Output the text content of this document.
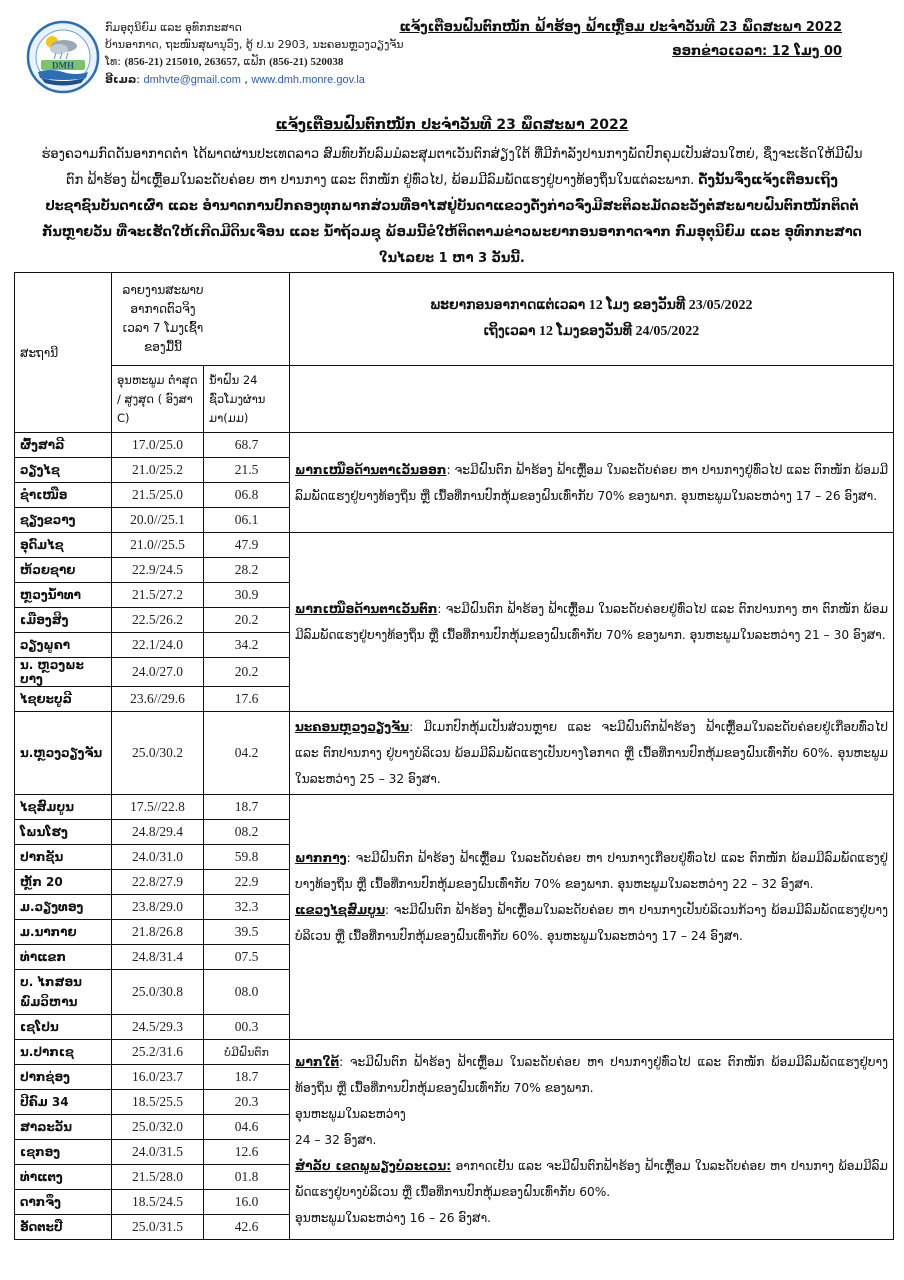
DMH
ກົມອຸຕຸນິຍົມ ແລະ ອຸທົກກະສາດ
ບ້ານອາກາດ, ຖະໜົນສຸພານຸວົງ, ຕູ້ ປ.ນ 2903, ນະຄອນຫຼວງວຽງຈັນ
ໂທ: (856-21) 215010, 263657, ແຟັກ (856-21) 520038
ອີເມລ: dmhvte@gmail.com , www.dmh.monre.gov.la
ແຈ້ງເຕືອນຝົນຕົກໜັກ ຟ້າຮ້ອງ ຟ້າເຫຼື້ອມ ປະຈຳວັນທີ 23 ພຶດສະພາ 2022
ອອກຂ່າວເວລາ: 12 ໂມງ 00
ແຈ້ງເຕືອນຝົນຕົກໜັກ ປະຈຳວັນທີ 23 ພຶດສະພາ 2022
ຮ່ອງຄວາມກົດດັນອາກາດຕໍ່າ ໄດ້ພາດຜ່ານປະເທດລາວ ສົມທົບກັບລົມມໍລະສຸມຕາເວັນຕົກສ່ຽງໃຕ້ ທີ່ມີກຳລັງປານກາງພັດປົກຄຸມເປັນສ່ວນໃຫຍ່, ຊຶ່ງຈະເຮັດໃຫ້ມີຝົນຕົກ ຟ້າຮ້ອງ ຟ້າເຫຼື້ອມໃນລະດັບຄ່ອຍ ຫາ ປານກາງ ແລະ ຕົກໜັກ ຢູ່ທົ່ວໄປ, ພ້ອມມີລົມພັດແຮງຢູ່ບາງທ້ອງຖິ່ນໃນແຕ່ລະພາກ. ດັ່ງນັ້ນຈຶ່ງແຈ້ງເຕືອນເຖິງປະຊາຊົນບັນດາເຜົ່າ ແລະ ອຳນາດການປົກຄອງທຸກພາກສ່ວນທີ່ອາໄສຢູ່ບັນດາແຂວງດັ່ງກ່າວຈົ່ງມີສະຕິລະມັດລະວັງຕໍ່ສະພາບຝົນຕົກໜັກຕິດຕໍ່ກັນຫຼາຍວັນ ທີ່ຈະເຮັດໃຫ້ເກີດມີດິນເຈື່ອນ ແລະ ນ້ຳຖ້ວມຊຸ ພ້ອມນີ້ຂໍໃຫ້ຕິດຕາມຂ່າວພະຍາກອນອາກາດຈາກ ກົມອຸຕຸນິຍົມ ແລະ ອຸທົກກະສາດໃນໄລຍະ 1 ຫາ 3 ວັນນີ້.
ສະຖານີ	ລາຍງານສະພາບອາກາດຕົວຈິງ ເວລາ 7 ໂມງເຊົ້າ ຂອງມື້ນີ້		ພະຍາກອນອາກາດແຕ່ເວລາ 12 ໂມງ ຂອງວັນທີ 23/05/2022
ເຖິງເວລາ 12 ໂມງຂອງວັນທີ 24/05/2022

	ອຸນຫະພູມ ຕໍ່າສຸດ / ສູງສຸດ ( ອົງສາ C)	ນ້ຳຝົນ 24 ຊົ່ວໂມງຜ່ານ ມາ(ມມ)	
ຜົ້ງສາລີ	17.0/25.0	68.7	ພາກເໜືອດ້ານຕາເວັນອອກ: ຈະມີຝົນຕົກ ຟ້າຮ້ອງ ຟ້າເຫຼື້ອມ ໃນລະດັບຄ່ອຍ ຫາ ປານກາງຢູ່ທົ່ວໄປ ແລະ ຕົກໜັກ ພ້ອມມີລົມພັດແຮງຢູ່ບາງທ້ອງຖິ່ນ ຫຼື ເນື້ອທີ່ການປົກຫຸ້ມຂອງຝົນເທົ່າກັບ 70% ຂອງພາກ. ອຸນຫະພູມໃນລະຫວ່າງ 17 – 26 ອົງສາ.

ວຽງໄຊ	21.0/25.2	21.5	
ຊຳເໜືອ	21.5/25.0	06.8	
ຊຽງຂວາງ	20.0//25.1	06.1	
ອຸດົມໄຊ	21.0//25.5	47.9	ພາກເໜືອດ້ານຕາເວັນຕົກ: ຈະມີຝົນຕົກ ຟ້າຮ້ອງ ຟ້າເຫຼື້ອມ ໃນລະດັບຄ່ອຍຢູ່ທົ່ວໄປ ແລະ ຕົກປານກາງ ຫາ ຕົກໜັກ ພ້ອມມີລົມພັດແຮງຢູ່ບາງທ້ອງຖິ່ນ ຫຼື ເນື້ອທີ່ການປົກຫຸ້ມຂອງຝົນເທົ່າກັບ 70% ຂອງພາກ. ອຸນຫະພູມໃນລະຫວ່າງ 21 – 30 ອົງສາ.

ຫ້ວຍຊາຍ	22.9/24.5	28.2	
ຫຼວງນ້ຳທາ	21.5/27.2	30.9	
ເມືອງສິງ	22.5/26.2	20.2	
ວຽງພູຄາ	22.1/24.0	34.2	
ນ. ຫຼວງພະບາງ	24.0/27.0	20.2	
ໄຊຍະບູລີ	23.6//29.6	17.6	
ນ.ຫຼວງວຽງຈັນ	25.0/30.2	04.2	ນະຄອນຫຼວງວຽງຈັນ: ມີເມກປົກຫຸ້ມເປັນສ່ວນຫຼາຍ ແລະ ຈະມີຝົນຕົກຟ້າຮ້ອງ ຟ້າເຫຼື້ອມໃນລະດັບຄ່ອຍຢູ່ເກືອບທົ່ວໄປ ແລະ ຕົກປານກາງ ຢູ່ບາງບໍລິເວນ ພ້ອມມີລົມພັດແຮງເປັນບາງໂອກາດ ຫຼື ເນື້ອທີ່ການປົກຫຸ້ມຂອງຝົນເທົ່າກັບ 60%. ອຸນຫະພູມໃນລະຫວ່າງ 25 – 32 ອົງສາ.

ໄຊສົມບູນ	17.5//22.8	18.7	ພາກກາງ: ຈະມີຝົນຕົກ ຟ້າຮ້ອງ ຟ້າເຫຼື້ອມ ໃນລະດັບຄ່ອຍ ຫາ ປານກາງເກືອບຢູ່ທົ່ວໄປ ແລະ ຕົກໜັກ ພ້ອມມີລົມພັດແຮງຢູ່ບາງທ້ອງຖິ່ນ ຫຼື ເນື້ອທີ່ການປົກຫຸ້ມຂອງຝົນເທົ່າກັບ 70% ຂອງພາກ. ອຸນຫະພູມໃນລະຫວ່າງ 22 – 32 ອົງສາ.
ແຂວງໄຊສົມບູນ: ຈະມີຝົນຕົກ ຟ້າຮ້ອງ ຟ້າເຫຼື້ອມໃນລະດັບຄ່ອຍ ຫາ ປານກາງເປັນບໍລິເວນກ້ວາງ ພ້ອມມີລົມພັດແຮງຢູ່ບາງບໍລິເວນ ຫຼື ເນື້ອທີ່ການປົກຫຸ້ມຂອງຝົນເທົ່າກັບ 60%. ອຸນຫະພູມໃນລະຫວ່າງ 17 – 24 ອົງສາ.

ໂພນໂຮງ	24.8/29.4	08.2	
ປາກຊັນ	24.0/31.0	59.8	
ຫຼັກ 20	22.8/27.9	22.9	
ມ.ວຽງທອງ	23.8/29.0	32.3	
ມ.ນາກາຍ	21.8/26.8	39.5	
ທ່າແຂກ	24.8/31.4	07.5	
ບ. ໄກສອນ ພົມວິຫານ	25.0/30.8	08.0	
ເຊໂປນ	24.5/29.3	00.3	
ນ.ປາກເຊ	25.2/31.6	ບໍ່ມີຝົນຕົກ	ພາກໃຕ້: ຈະມີຝົນຕົກ ຟ້າຮ້ອງ ຟ້າເຫຼື້ອມ ໃນລະດັບຄ່ອຍ ຫາ ປານກາງຢູ່ທົ່ວໄປ ແລະ ຕົກໜັກ ພ້ອມມີລົມພັດແຮງຢູ່ບາງທ້ອງຖິ່ນ ຫຼື ເນື້ອທີ່ການປົກຫຸ້ມຂອງຝົນເທົ່າກັບ 70% ຂອງພາກ.
ອຸນຫະພູມໃນລະຫວ່າງ
24 – 32 ອົງສາ.
ສຳລັບ ເຂດພູພຽງບໍລະເວນ: ອາກາດເຢັນ ແລະ ຈະມີຝົນຕົກຟ້າຮ້ອງ ຟ້າເຫຼື້ອມ ໃນລະດັບຄ່ອຍ ຫາ ປານກາງ ພ້ອມມີລົມພັດແຮງຢູ່ບາງບໍລິເວນ ຫຼື ເນື້ອທີ່ການປົກຫຸ້ມຂອງຝົນເທົ່າກັບ 60%.
ອຸນຫະພູມໃນລະຫວ່າງ 16 – 26 ອົງສາ.

ປາກຊ່ອງ	16.0/23.7	18.7	
ປີຄົມ 34	18.5/25.5	20.3	
ສາລະວັນ	25.0/32.0	04.6	
ເຊກອງ	24.0/31.5	12.6	
ທ່າແຕງ	21.5/28.0	01.8	
ດາກຈຶງ	18.5/24.5	16.0	
ອັດຕະປື	25.0/31.5	42.6	
